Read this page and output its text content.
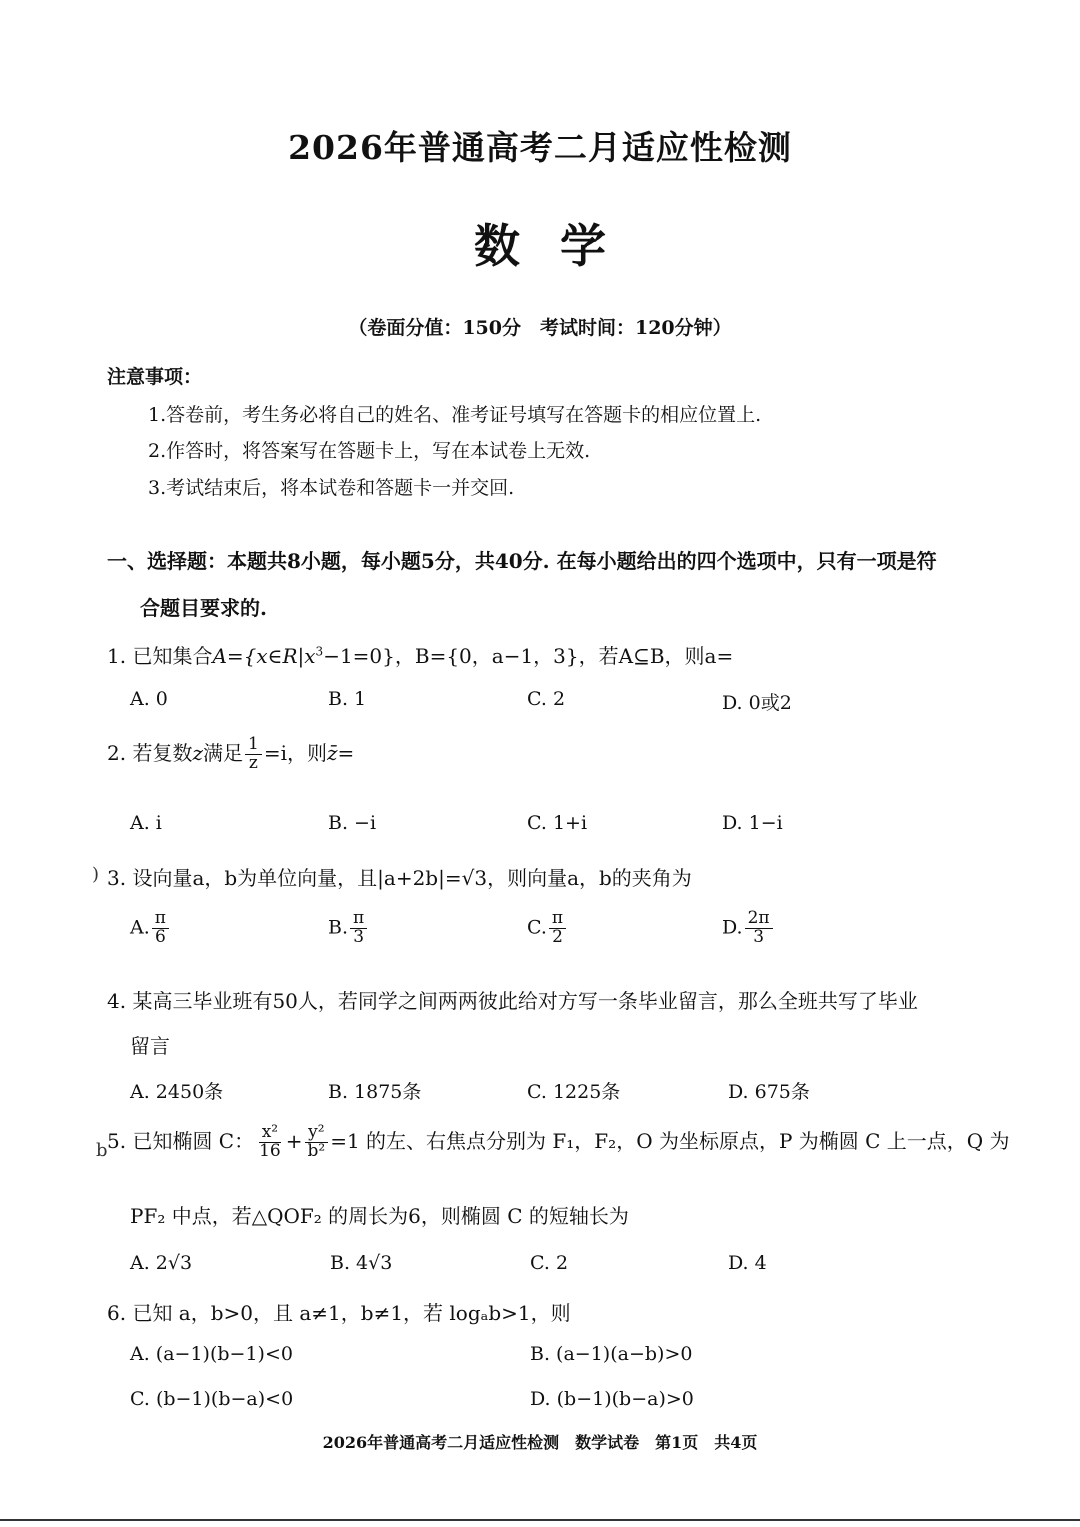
2026年普通高考二月适应性检测
数学
（卷面分值：150分　考试时间：120分钟）
注意事项：
1.答卷前，考生务必将自己的姓名、准考证号填写在答题卡的相应位置上.
2.作答时，将答案写在答题卡上，写在本试卷上无效.
3.考试结束后，将本试卷和答题卡一并交回.
一、选择题：本题共8小题，每小题5分，共40分. 在每小题给出的四个选项中，只有一项是符
合题目要求的.
1. 已知集合$A=\{x\in R|x^3-1=0\}$，B={0，a−1，3}，若A⊆B，则a=
A. 0	B. 1	C. 2	D. 0或2
2. 若复数z满足 $\frac{1}{z} =i$，则z̄=
A. i	B. −i	C. 1+i	D. 1−i
) 3. 设向量a，b为单位向量，且|a+2b|=√3，则向量a，b的夹角为
A. $\frac{\pi}{6}$	B. $\frac{\pi}{3}$	C. $\frac{\pi}{2}$	D. $\frac{2\pi}{3}$
4. 某高三毕业班有50人，若同学之间两两彼此给对方写一条毕业留言，那么全班共写了毕业
留言
A. 2450条	B. 1875条	C. 1225条	D. 675条
b 5. 已知椭圆 C： $\frac{\text{x²}}{16} + \frac{\text{y²}}{\text{b²}} =1$ 的左、右焦点分别为 F₁，F₂，O 为坐标原点，P 为椭圆 C 上一点，Q 为
PF₂ 中点，若△QOF₂ 的周长为6，则椭圆 C 的短轴长为
A. 2√3	B. 4√3	C. 2	D. 4
6. 已知 a，b>0，且 a≠1，b≠1，若 logₐb>1，则
A. (a−1)(b−1)<0	B. (a−1)(a−b)>0
C. (b−1)(b−a)<0	D. (b−1)(b−a)>0
2026年普通高考二月适应性检测　数学试卷　第1页　共4页
